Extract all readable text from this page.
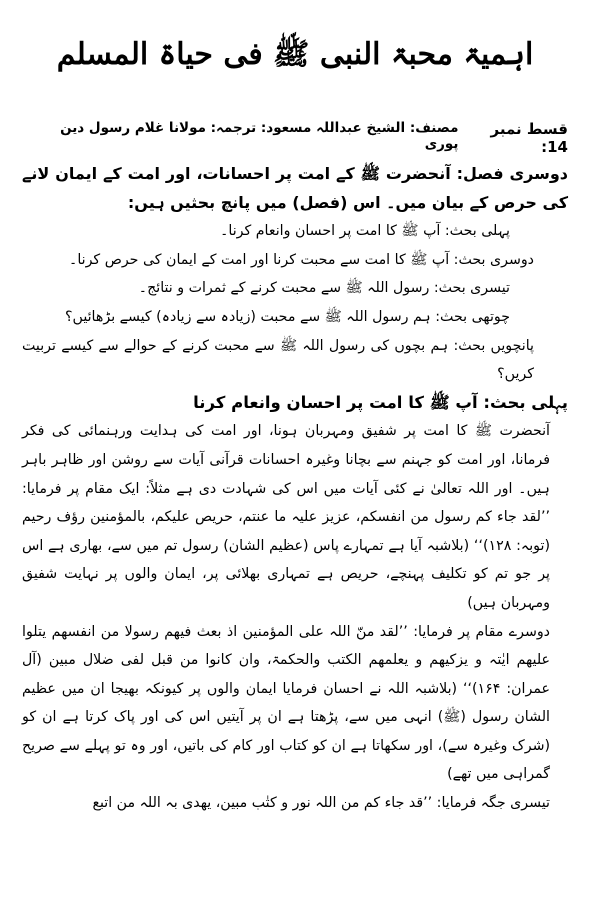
اہمیۃ محبۃ النبی ﷺ فی حیاۃ المسلم
قسط نمبر 14:
مصنف: الشیخ عبداللہ مسعود: ترجمہ: مولانا غلام رسول دین پوری

دوسری فصل: آنحضرت ﷺ کے امت پر احسانات، اور امت کے ایمان لانے کی حرص کے بیان میں۔ اس (فصل) میں پانچ بحثیں ہیں:

پہلی بحث: آپ ﷺ کا امت پر احسان وانعام کرنا۔

دوسری بحث: آپ ﷺ کا امت سے محبت کرنا اور امت کے ایمان کی حرص کرنا۔

تیسری بحث: رسول اللہ ﷺ سے محبت کرنے کے ثمرات و نتائج۔

چوتھی بحث: ہم رسول اللہ ﷺ سے محبت (زیادہ سے زیادہ) کیسے بڑھائیں؟

پانچویں بحث: ہم بچوں کی رسول اللہ ﷺ سے محبت کرنے کے حوالے سے کیسے تربیت کریں؟

پہلی بحث: آپ ﷺ کا امت پر احسان وانعام کرنا

آنحضرت ﷺ کا امت پر شفیق ومہربان ہونا، اور امت کی ہدایت ورہنمائی کی فکر فرمانا، اور امت کو جہنم سے بچانا وغیرہ احسانات قرآنی آیات سے روشن اور ظاہر باہر ہیں۔ اور اللہ تعالیٰ نے کئی آیات میں اس کی شہادت دی ہے مثلاً: ایک مقام پر فرمایا: ’’لقد جاء کم رسول من انفسکم، عزیز علیہ ما عنتم، حریص علیکم، بالمؤمنین رؤف رحیم (توبہ: ۱۲۸)‘‘ (بلاشبہ آیا ہے تمہارے پاس (عظیم الشان) رسول تم میں سے، بھاری ہے اس پر جو تم کو تکلیف پہنچے، حریص ہے تمہاری بھلائی پر، ایمان والوں پر نہایت شفیق ومہربان ہیں)

دوسرے مقام پر فرمایا: ’’لقد منّ اللہ علی المؤمنین اذ بعث فیھم رسولا من انفسھم یتلوا علیھم ایٰتہ و یزکیھم و یعلمھم الکتب والحکمۃ، وان کانوا من قبل لفی ضلال مبین (آل عمران: ۱۶۴)‘‘ (بلاشبہ اللہ نے احسان فرمایا ایمان والوں پر کیونکہ بھیجا ان میں عظیم الشان رسول (ﷺ) انہی میں سے، پڑھتا ہے ان پر آیتیں اس کی اور پاک کرتا ہے ان کو (شرک وغیرہ سے)، اور سکھاتا ہے ان کو کتاب اور کام کی باتیں، اور وہ تو پہلے سے صریح گمراہی میں تھے)

تیسری جگہ فرمایا: ’’قد جاء کم من اللہ نور و کتٰب مبین، یھدی بہ اللہ من اتبع
